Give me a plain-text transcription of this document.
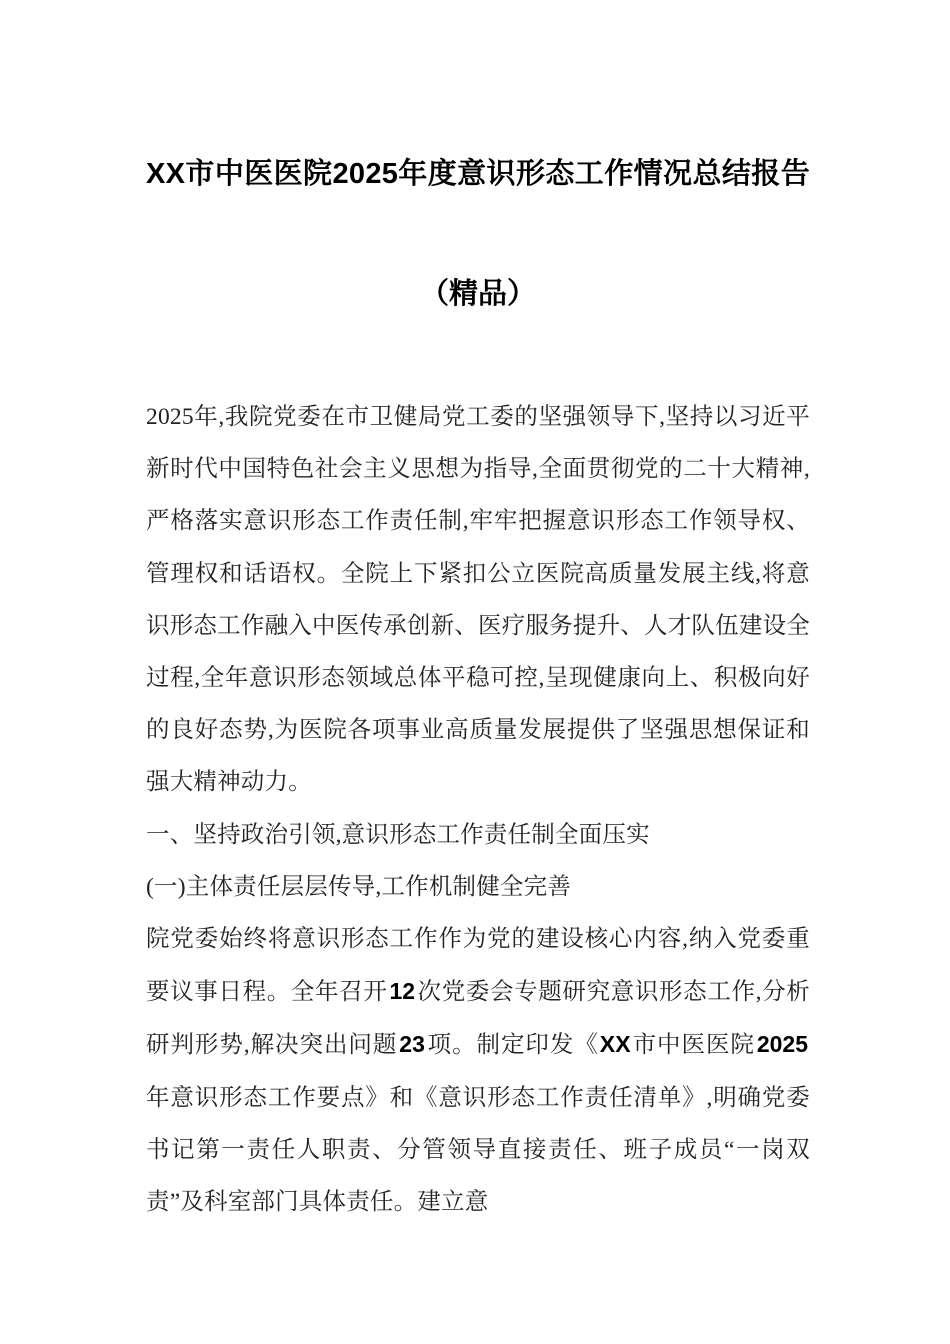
XX市中医医院2025年度意识形态工作情况总结报告
（精品）

2025年,我院党委在市卫健局党工委的坚强领导下,坚持以习近平新时代中国特色社会主义思想为指导,全面贯彻党的二十大精神,严格落实意识形态工作责任制,牢牢把握意识形态工作领导权、管理权和话语权。全院上下紧扣公立医院高质量发展主线,将意识形态工作融入中医传承创新、医疗服务提升、人才队伍建设全过程,全年意识形态领域总体平稳可控,呈现健康向上、积极向好的良好态势,为医院各项事业高质量发展提供了坚强思想保证和强大精神动力。

一、坚持政治引领,意识形态工作责任制全面压实

(一)主体责任层层传导,工作机制健全完善

院党委始终将意识形态工作作为党的建设核心内容,纳入党委重要议事日程。全年召开12次党委会专题研究意识形态工作,分析研判形势,解决突出问题23项。制定印发《XX市中医医院2025年意识形态工作要点》和《意识形态工作责任清单》,明确党委书记第一责任人职责、分管领导直接责任、班子成员“一岗双责”及科室部门具体责任。建立意
